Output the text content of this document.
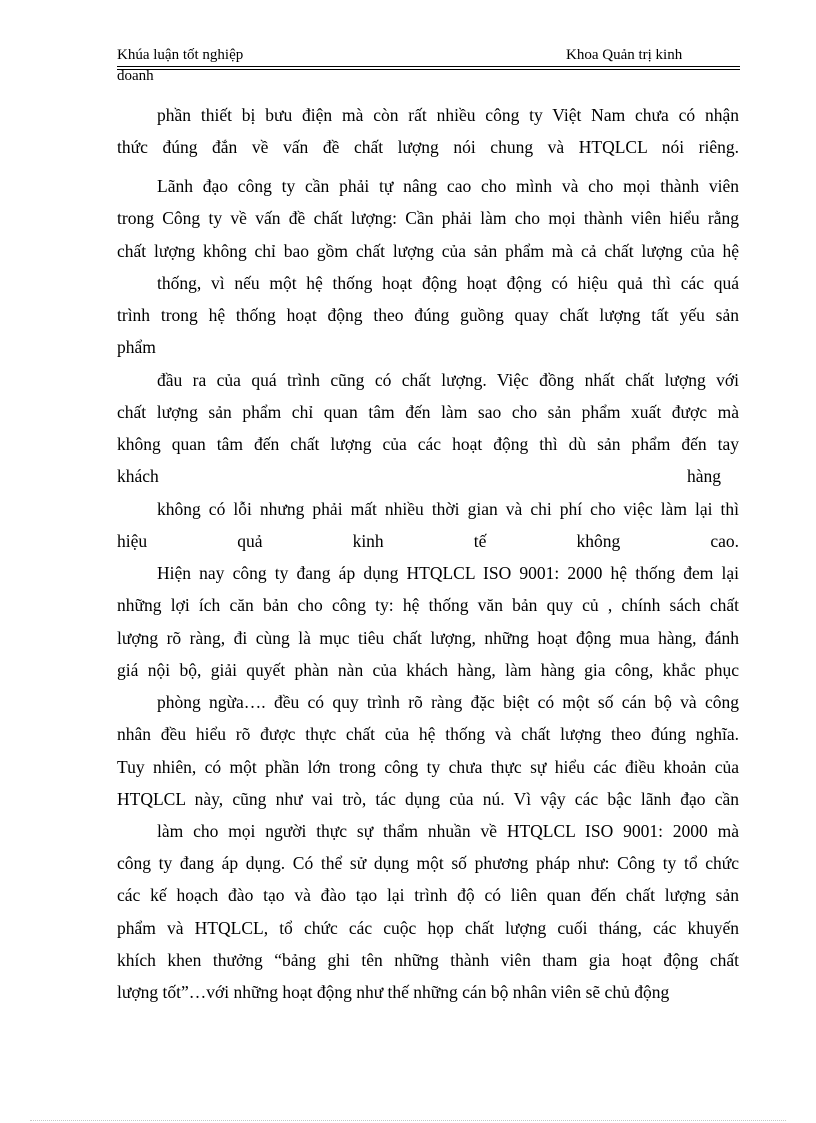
Khúa luận tốt nghiệp	Khoa Quản trị kinh
doanh
phần thiết bị bưu điện mà còn rất nhiều công ty Việt Nam chưa có nhận
thức đúng đắn về vấn đề chất lượng nói chung và HTQLCL nói riêng.
Lãnh đạo công ty cần phải tự nâng cao cho mình và cho mọi thành viên
trong Công ty về vấn đề chất lượng: Cần phải làm cho mọi thành viên hiểu rằng
chất lượng không chỉ bao gồm chất lượng của sản phẩm mà cả chất lượng của hệ
thống, vì nếu một hệ thống hoạt động hoạt động có hiệu quả thì các quá
trình trong hệ thống hoạt động theo đúng guồng quay chất lượng tất yếu sản
phẩm
đầu ra của quá trình cũng có chất lượng. Việc đồng nhất chất lượng với
chất lượng sản phẩm chỉ quan tâm đến làm sao cho sản phẩm xuất được mà
không quan tâm đến chất lượng của các hoạt động thì dù sản phẩm đến tay
khách hàng
không có lỗi nhưng phải mất nhiều thời gian và chi phí cho việc làm lại thì
hiệu quả kinh tế không cao.
Hiện nay công ty đang áp dụng HTQLCL ISO 9001: 2000 hệ thống đem lại
những lợi ích căn bản cho công ty: hệ thống văn bản quy củ , chính sách chất
lượng rõ ràng, đi cùng là mục tiêu chất lượng, những hoạt động mua hàng, đánh
giá nội bộ, giải quyết phàn nàn của khách hàng, làm hàng gia công, khắc phục
phòng ngừa…. đều có quy trình rõ ràng đặc biệt có một số cán bộ và công
nhân đều hiểu rõ được thực chất của hệ thống và chất lượng theo đúng nghĩa.
Tuy nhiên, có một phần lớn trong công ty chưa thực sự hiểu các điều khoản của
HTQLCL này, cũng như vai trò, tác dụng của nú. Vì vậy các bậc lãnh đạo cần
làm cho mọi người thực sự thẩm nhuần về HTQLCL ISO 9001: 2000 mà
công ty đang áp dụng. Có thể sử dụng một số phương pháp như: Công ty tổ chức
các kế hoạch đào tạo và đào tạo lại trình độ có liên quan đến chất lượng sản
phẩm và HTQLCL, tổ chức các cuộc họp chất lượng cuối tháng, các khuyến
khích khen thưởng “bảng ghi tên những thành viên tham gia hoạt động chất
lượng tốt”…với những hoạt động như thế những cán bộ nhân viên sẽ chủ động
